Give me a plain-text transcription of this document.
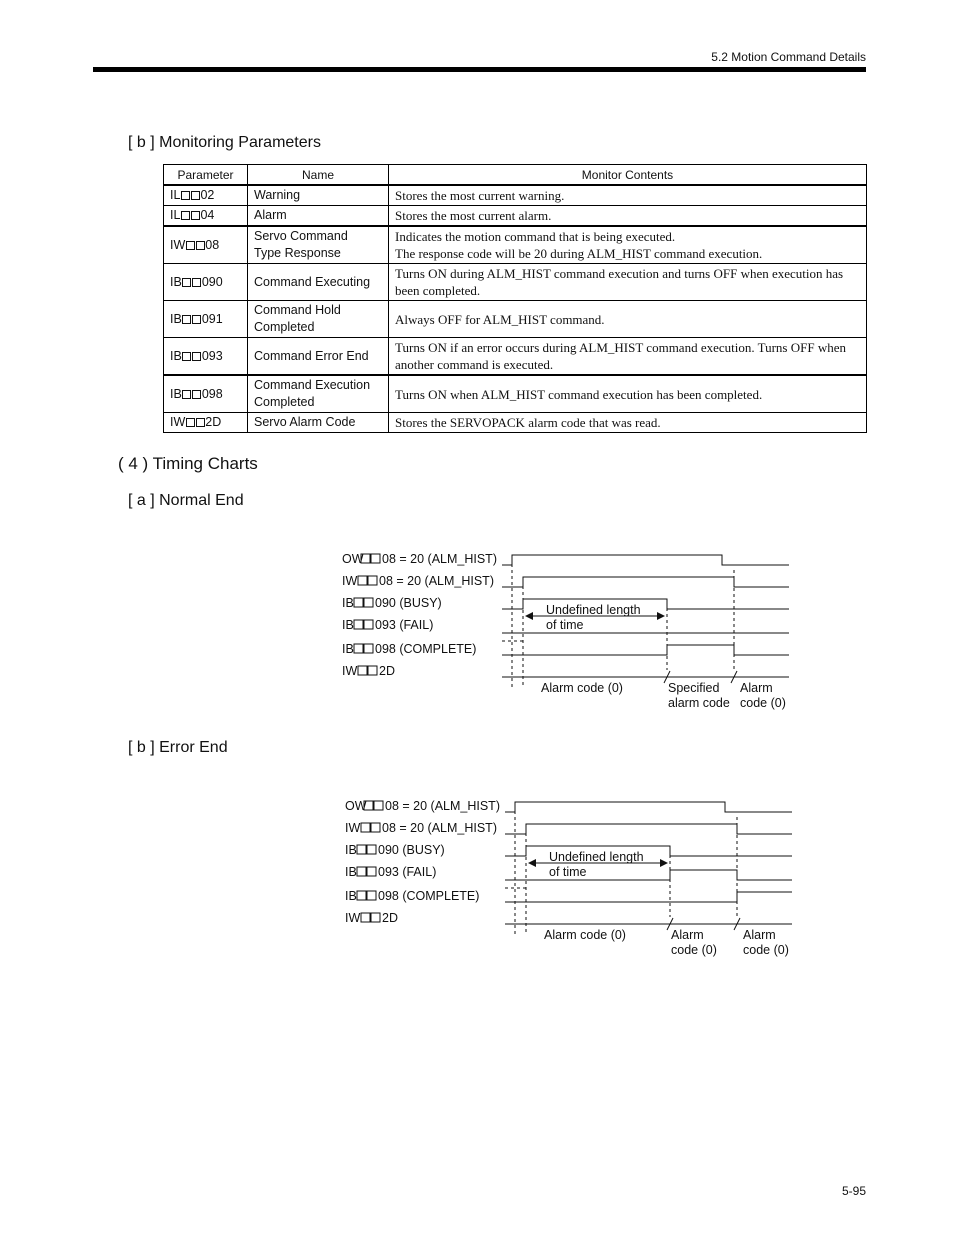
5.2 Motion Command Details
[ b ] Monitoring Parameters
Parameter	Name	Monitor Contents
IL 02	Warning	Stores the most current warning.
IL 04	Alarm	Stores the most current alarm.
IW 08	Servo Command
Type Response	Indicates the motion command that is being executed.
The response code will be 20 during ALM_HIST command execution.
IB 090	Command Executing	Turns ON during ALM_HIST command execution and turns OFF when execution has been completed.
IB 091	Command Hold
Completed	Always OFF for ALM_HIST command.
IB 093	Command Error End	Turns ON if an error occurs during ALM_HIST command execution. Turns OFF when another command is executed.
IB 098	Command Execution
Completed	Turns ON when ALM_HIST command execution has been completed.
IW 2D	Servo Alarm Code	Stores the SERVOPACK alarm code that was read.
( 4 ) Timing Charts
[ a ] Normal End
OW 08 = 20 (ALM_HIST)
IW 08 = 20 (ALM_HIST)
IB 090 (BUSY)
IB 093 (FAIL)
IB 098 (COMPLETE)
IW 2D
Undefined length of time
Alarm code (0)	Specified alarm code
Alarm code (0)
[ b ] Error End
OW 08 = 20 (ALM_HIST)
IW 08 = 20 (ALM_HIST)
IB 090 (BUSY)
IB 093 (FAIL)
IB 098 (COMPLETE)
IW 2D
Undefined length of time
Alarm code (0)	Alarm code (0)
Alarm code (0)
5-95
